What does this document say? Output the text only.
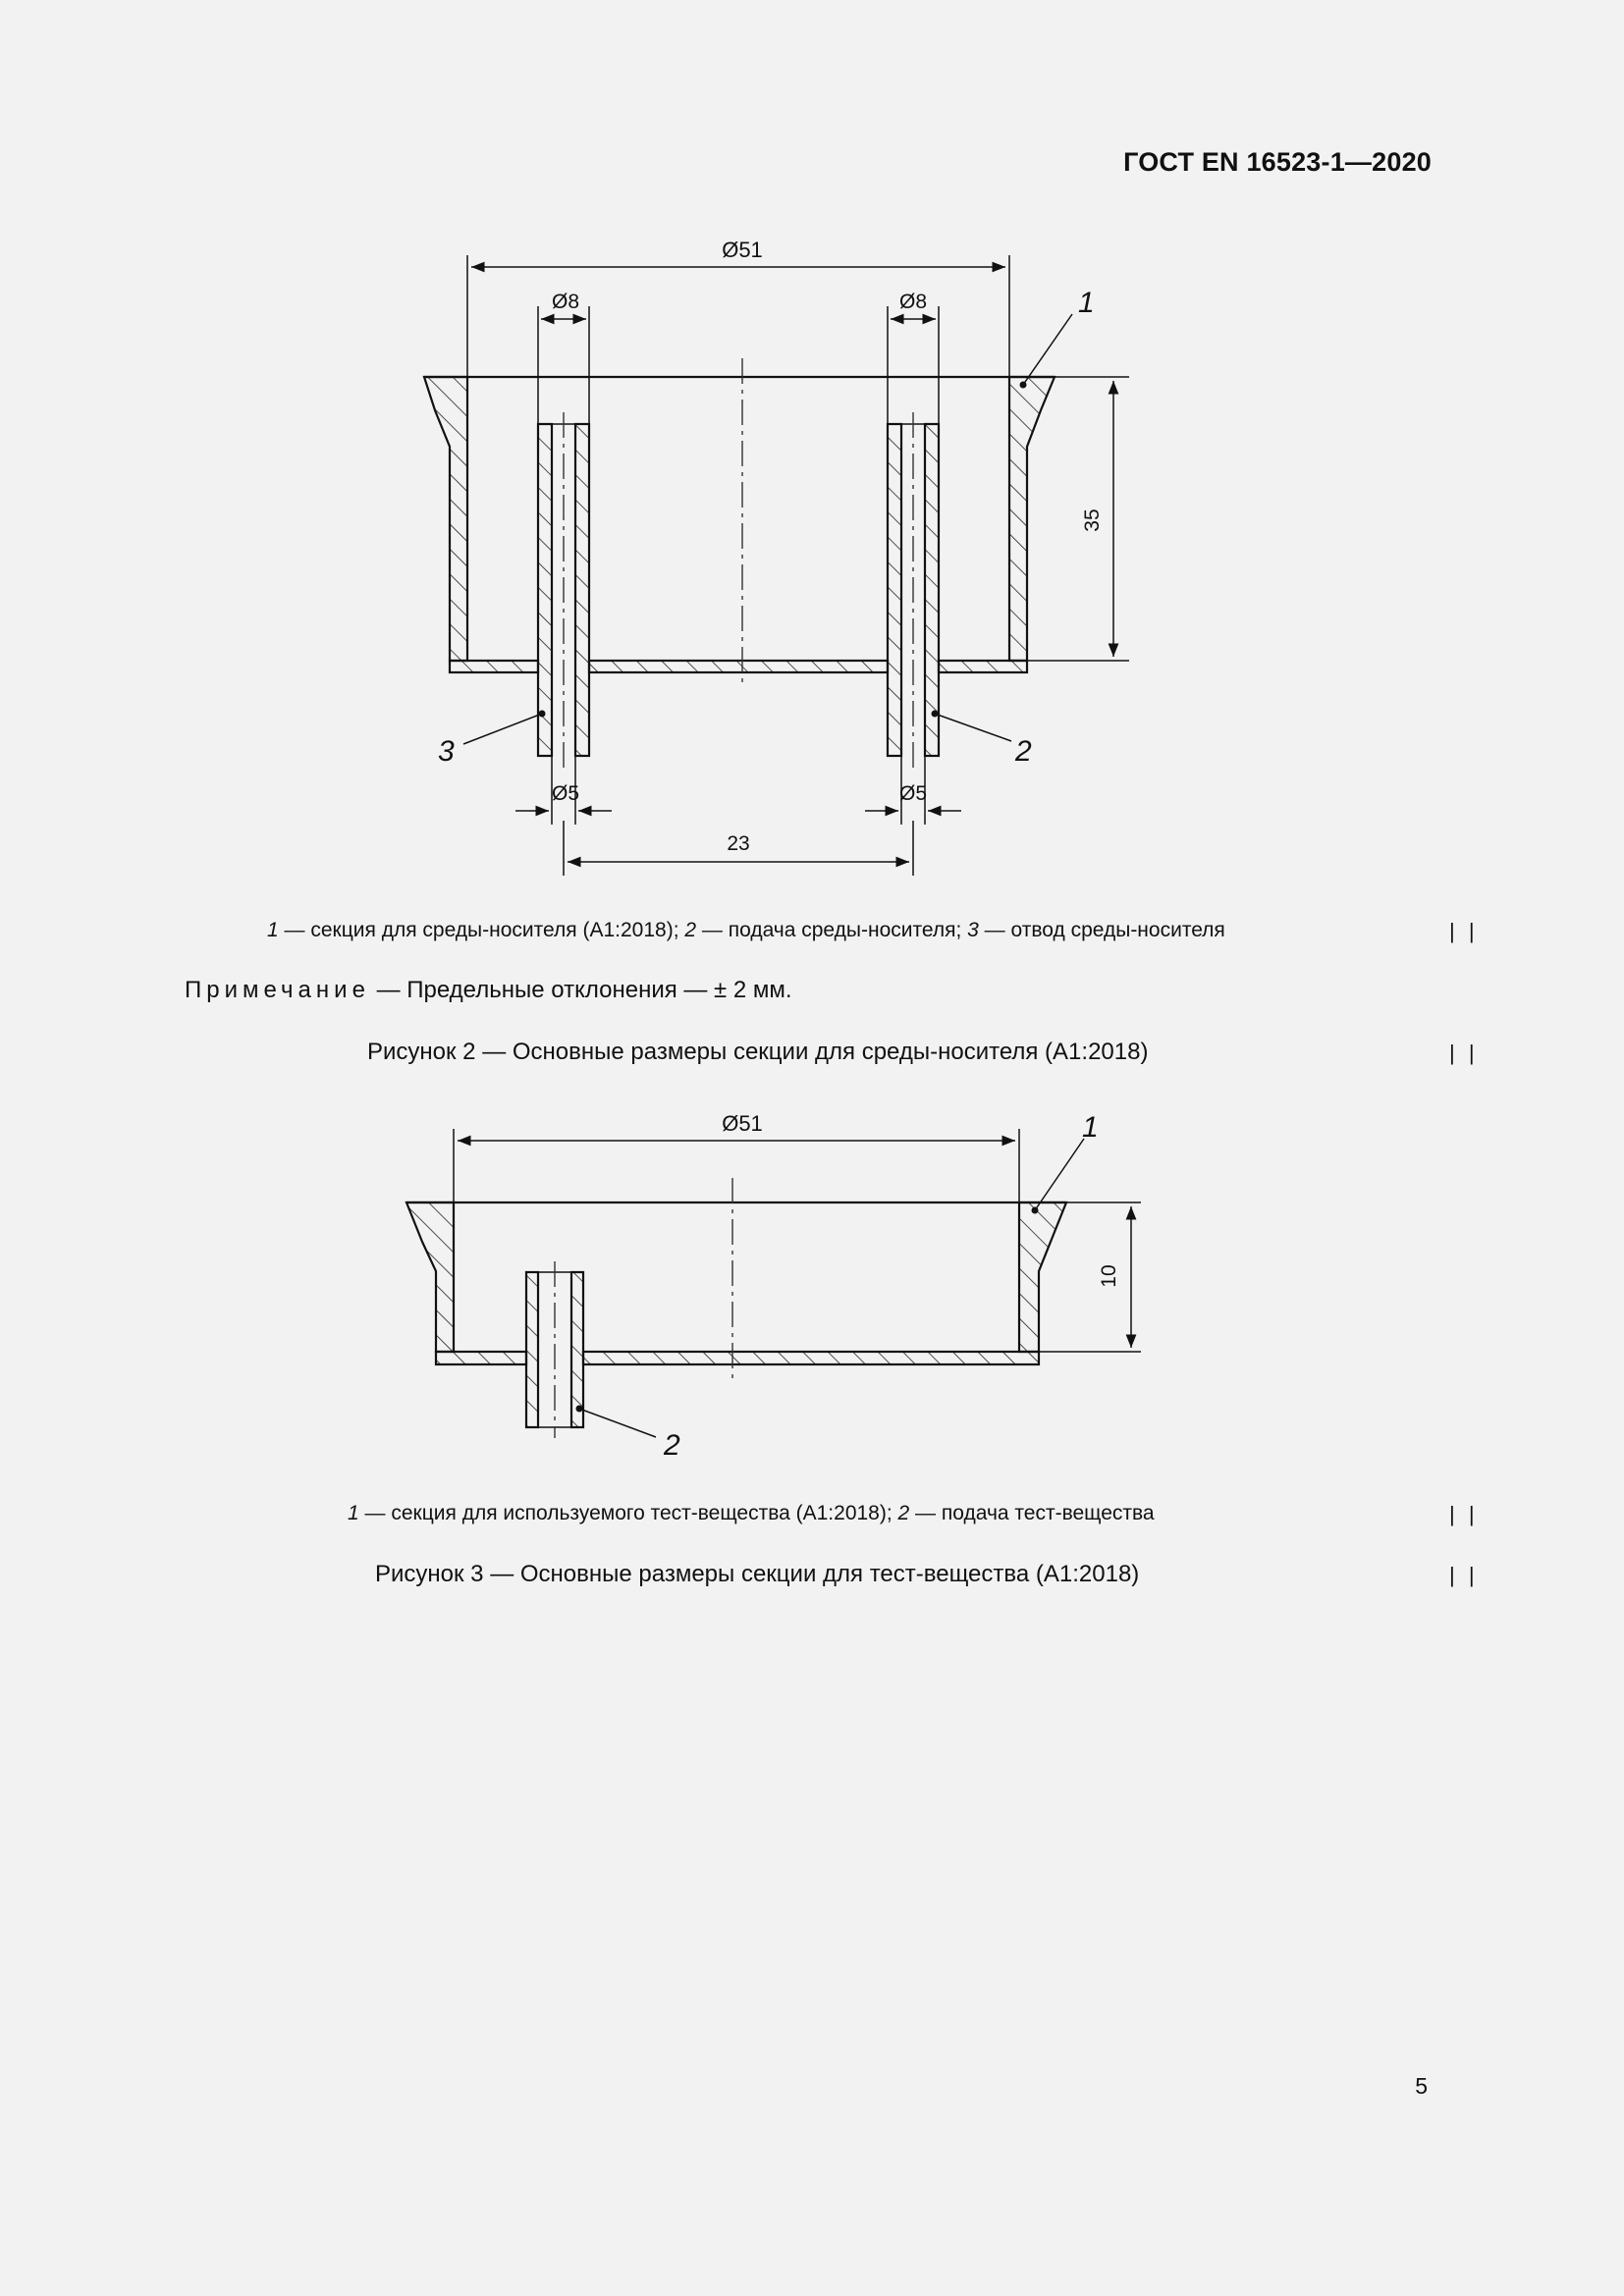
ГОСТ EN 16523-1—2020
Ø51
Ø8	Ø8
35
Ø5	Ø5
23
1
2
3
1 — секция для среды-носителя (А1:2018); 2 — подача среды-носителя; 3 — отвод среды-носителя	| |
Примечание — Предельные отклонения — ± 2 мм.
Рисунок 2 — Основные размеры секции для среды-носителя (А1:2018)	| |
Ø51
10
1
2
1 — секция для используемого тест-вещества (А1:2018); 2 — подача тест-вещества	| |
Рисунок 3 — Основные размеры секции для тест-вещества (А1:2018)	| |
5
